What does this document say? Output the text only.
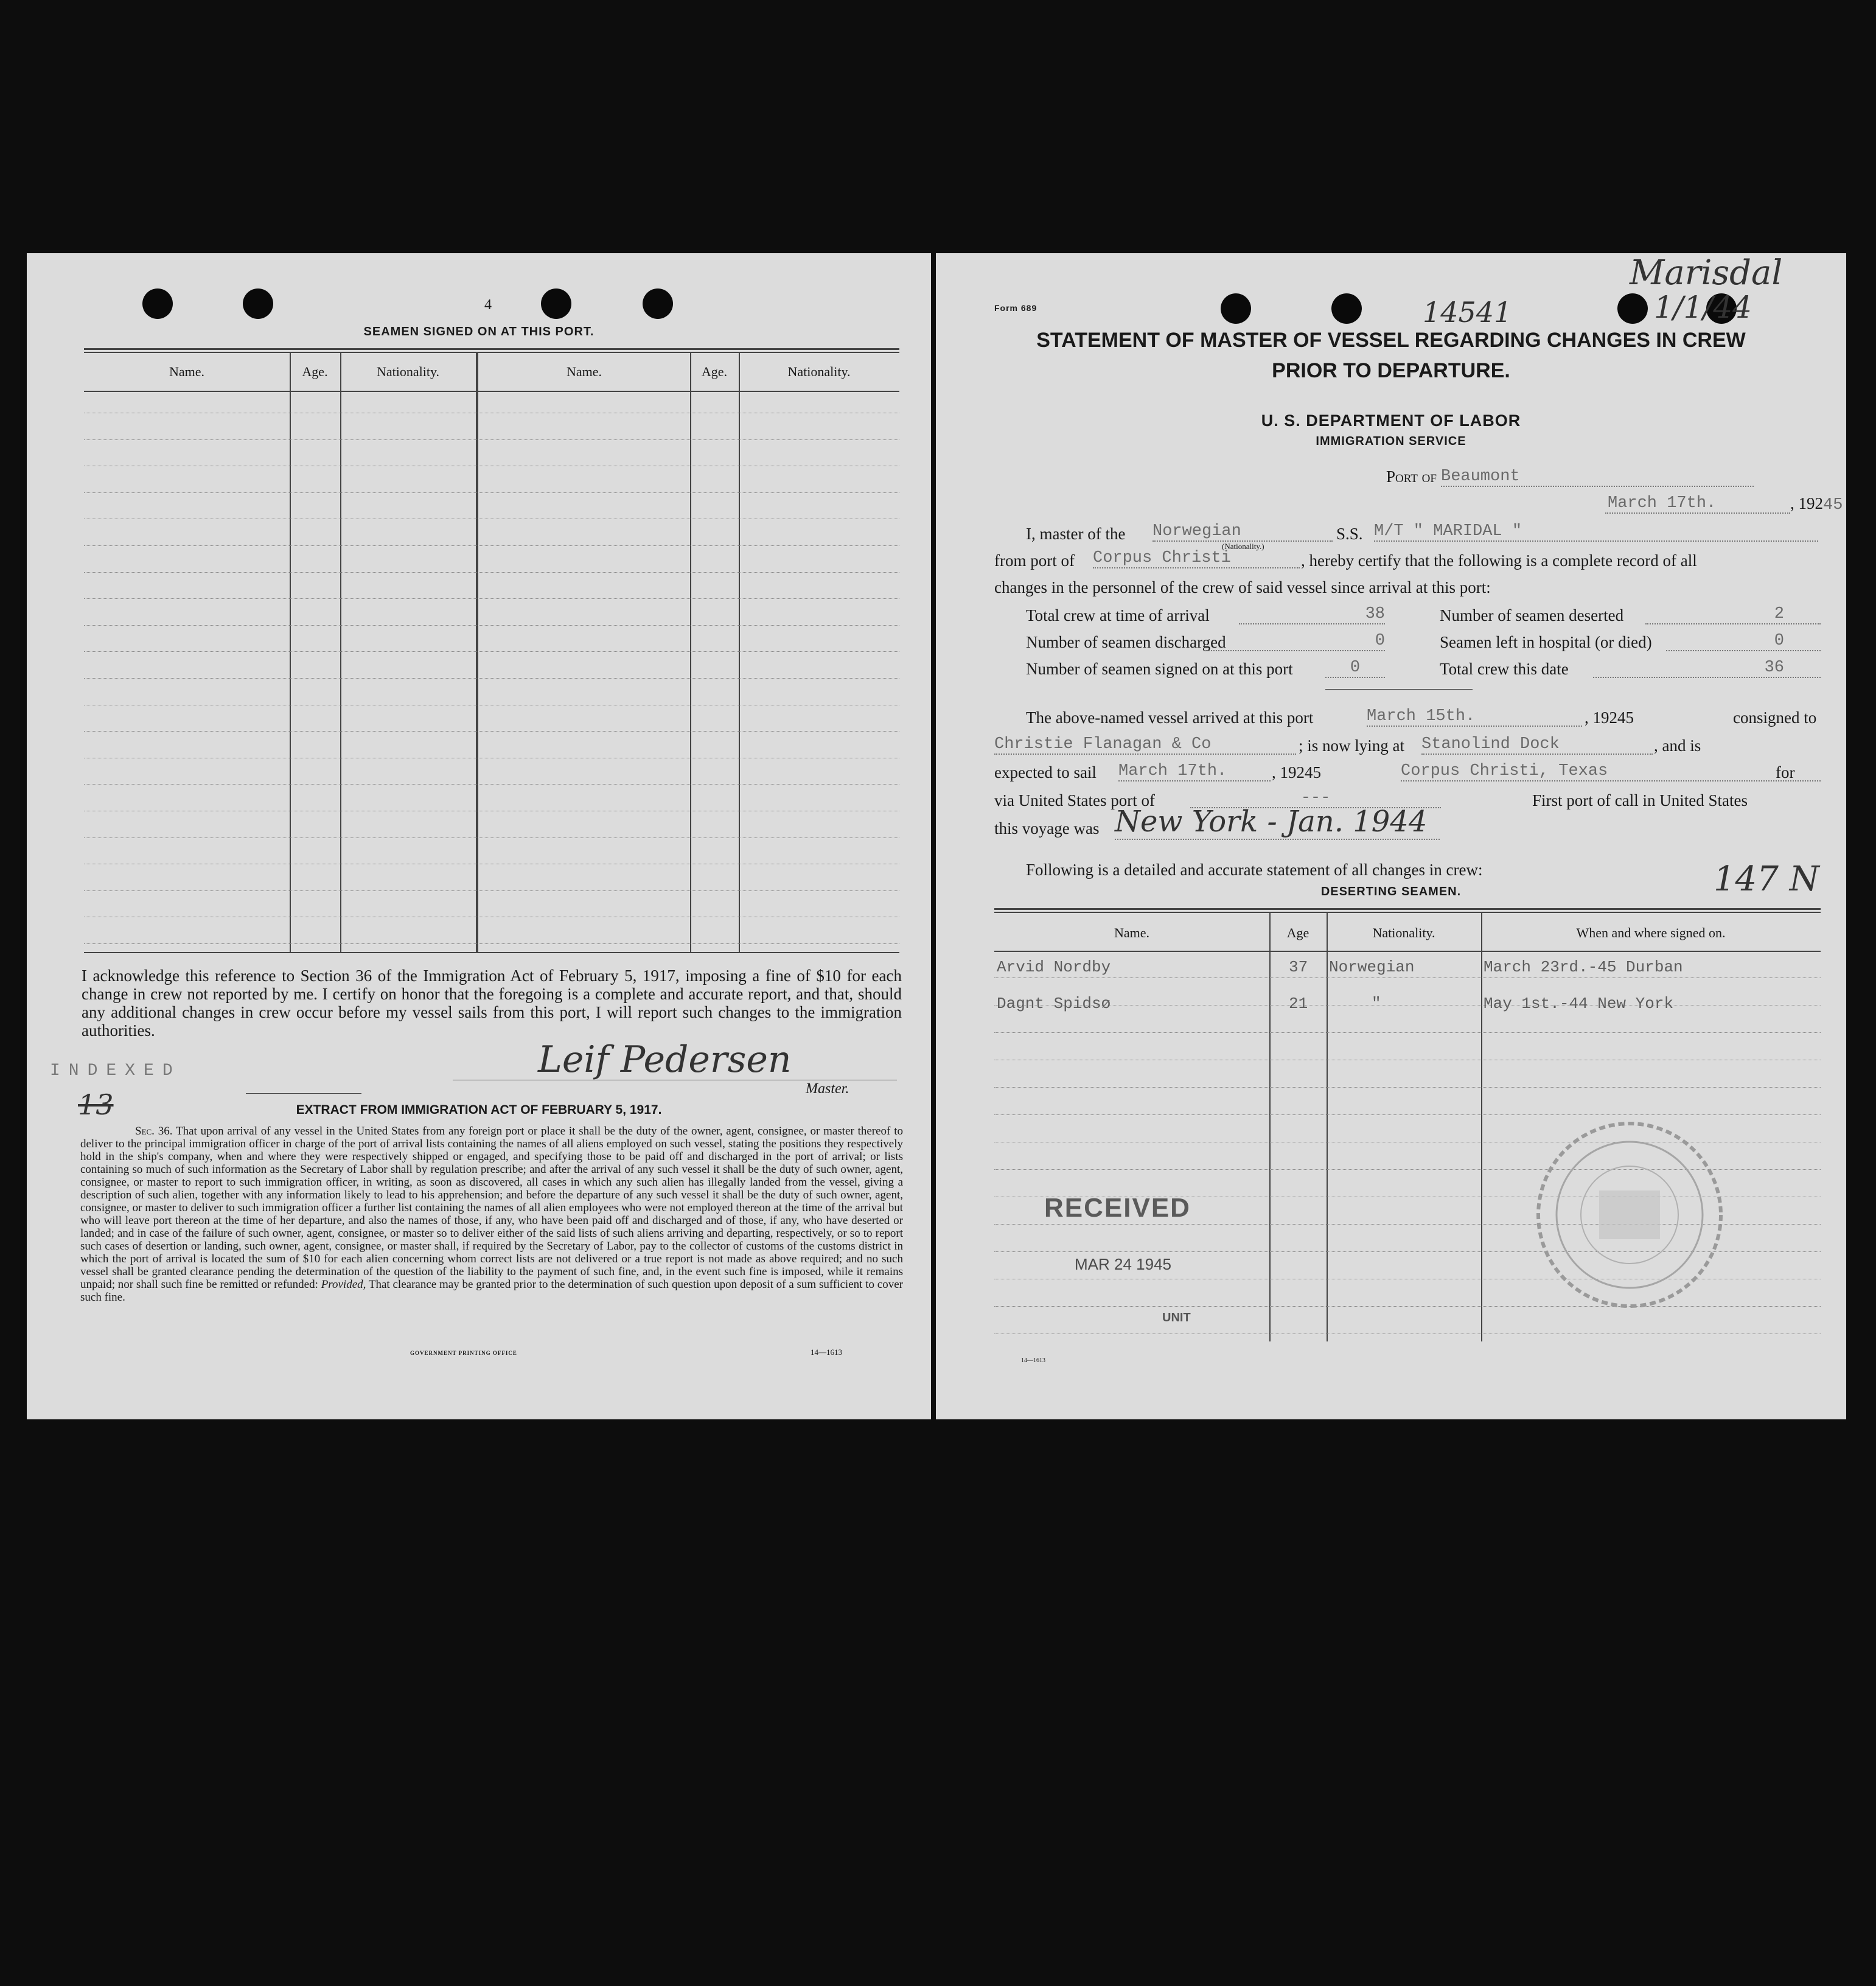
4
SEAMEN SIGNED ON AT THIS PORT.
Name.	Age.	Nationality.	Name.	Age.	Nationality.
I acknowledge this reference to Section 36 of the Immigration Act of February 5, 1917, imposing a fine of $10 for each change in crew not reported by me. I certify on honor that the foregoing is a complete and accurate report, and that, should any additional changes in crew occur before my vessel sails from this port, I will report such changes to the immigration authorities.
Leif Pedersen
Master.
INDEXED
13	EXTRACT FROM IMMIGRATION ACT OF FEBRUARY 5, 1917.
Sec. 36. That upon arrival of any vessel in the United States from any foreign port or place it shall be the duty of the owner, agent, consignee, or master thereof to deliver to the principal immigration officer in charge of the port of arrival lists containing the names of all aliens employed on such vessel, stating the positions they respectively hold in the ship's company, when and where they were respectively shipped or engaged, and specifying those to be paid off and discharged in the port of arrival; or lists containing so much of such information as the Secretary of Labor shall by regulation prescribe; and after the arrival of any such vessel it shall be the duty of such owner, agent, consignee, or master to report to such immigration officer, in writing, as soon as discovered, all cases in which any such alien has illegally landed from the vessel, giving a description of such alien, together with any information likely to lead to his apprehension; and before the departure of any such vessel it shall be the duty of such owner, agent, consignee, or master to deliver to such immigration officer a further list containing the names of all alien employees who were not employed thereon at the time of the arrival but who will leave port thereon at the time of her departure, and also the names of those, if any, who have been paid off and discharged and of those, if any, who have deserted or landed; and in case of the failure of such owner, agent, consignee, or master so to deliver either of the said lists of such aliens arriving and departing, respectively, or so to report such cases of desertion or landing, such owner, agent, consignee, or master shall, if required by the Secretary of Labor, pay to the collector of customs of the customs district in which the port of arrival is located the sum of $10 for each alien concerning whom correct lists are not delivered or a true report is not made as above required; and no such vessel shall be granted clearance pending the determination of the question of the liability to the payment of such fine, and, in the event such fine is imposed, while it remains unpaid; nor shall such fine be remitted or refunded: Provided, That clearance may be granted prior to the determination of such question upon deposit of a sum sufficient to cover such fine.
GOVERNMENT PRINTING OFFICE	14—1613
Form 689	14541
Marisdal
1/1/44
STATEMENT OF MASTER OF VESSEL REGARDING CHANGES IN CREW
PRIOR TO DEPARTURE.
U. S. DEPARTMENT OF LABOR
IMMIGRATION SERVICE
Port of Beaumont
March 17th.	, 19245
I, master of the Norwegian
(Nationality.)
S.S. M/T " MARIDAL "
from port of Corpus Christi	, hereby certify that the following is a complete record of all
changes in the personnel of the crew of said vessel since arrival at this port:
Total crew at time of arrival	38	Number of seamen deserted	2
Number of seamen discharged	0	Seamen left in hospital (or died)	0
Number of seamen signed on at this port	0	Total crew this date	36
The above-named vessel arrived at this port	March 15th.	, 19245	consigned to
Christie Flanagan & Co	; is now lying at Stanolind Dock	, and is
expected to sail March 17th.	, 19245	for
Corpus Christi, Texas
via United States port of	---	First port of call in United States
this voyage was New York - Jan. 1944
Following is a detailed and accurate statement of all changes in crew:	147 N
DESERTING SEAMEN.
Name.	Age	Nationality.	When and where signed on.
Arvid Nordby	37 Norwegian	March 23rd.-45 Durban
Dagnt Spidsø	21	"	May 1st.-44 New York
RECEIVED
MAR 24 1945
UNIT
14—1613
